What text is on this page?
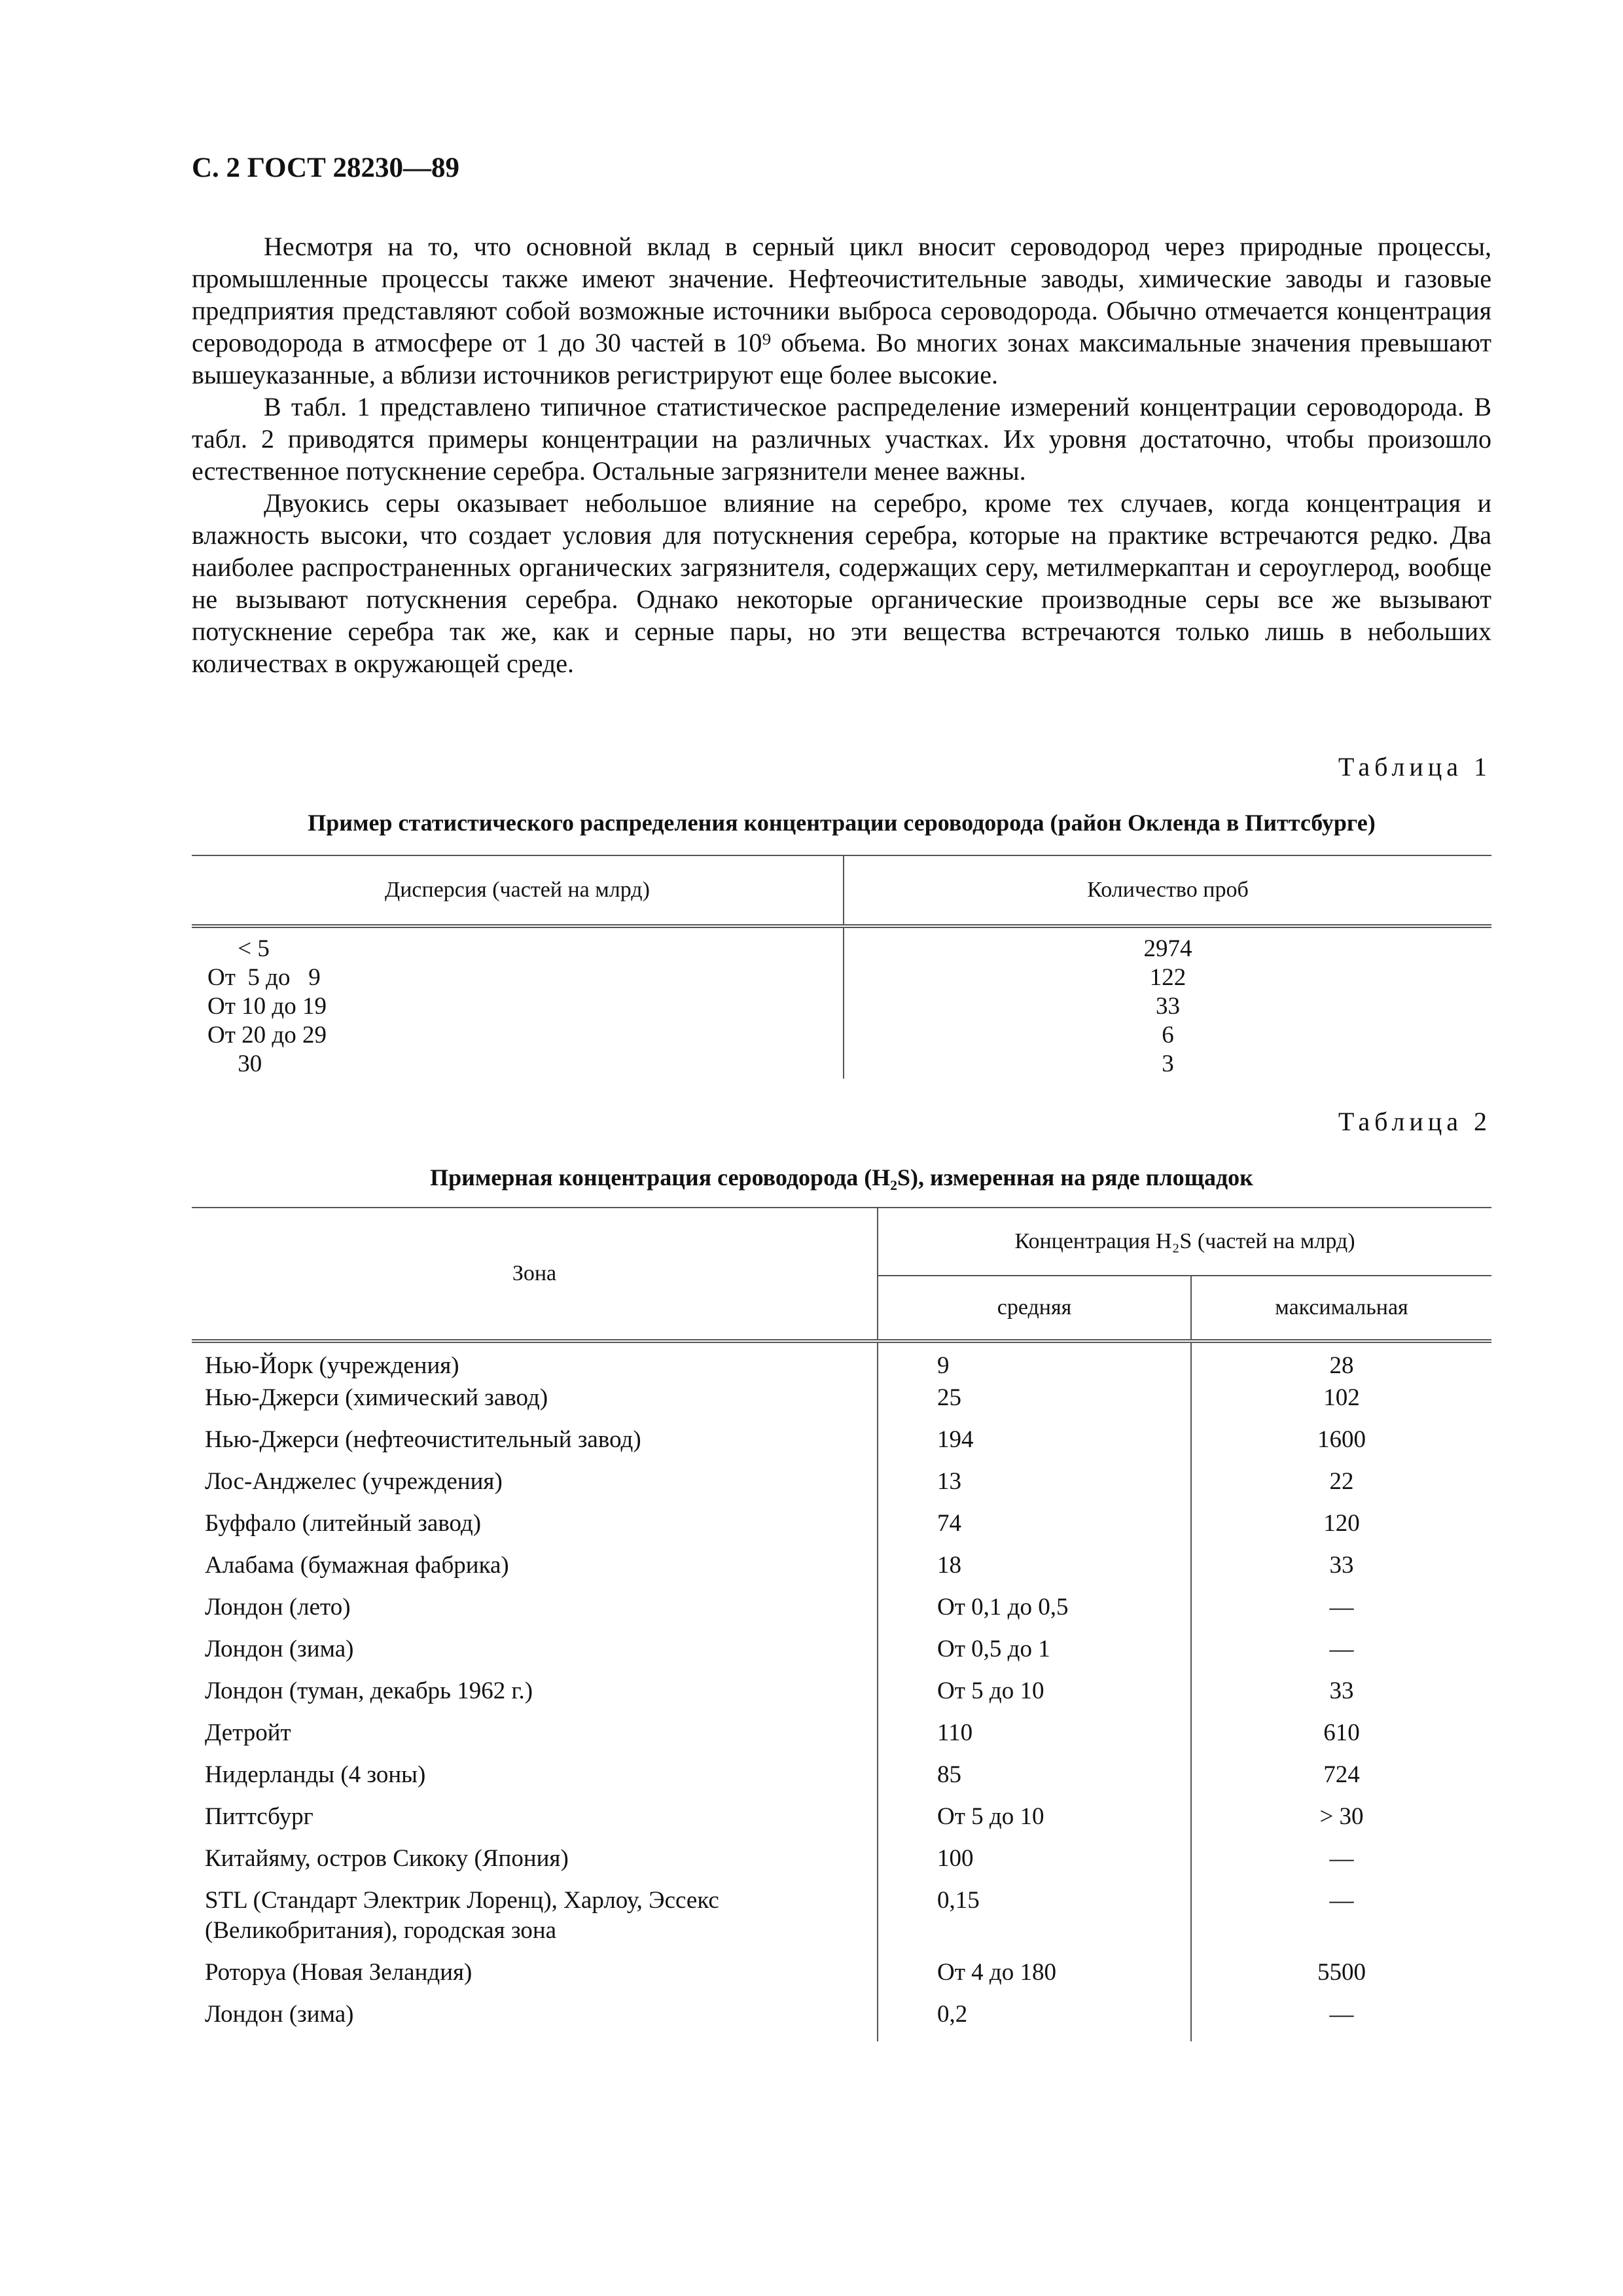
С. 2 ГОСТ 28230—89

Несмотря на то, что основной вклад в серный цикл вносит сероводород через природные процессы, промышленные процессы также имеют значение. Нефтеочистительные заводы, химические заводы и газовые предприятия представляют собой возможные источники выброса сероводорода. Обычно отмечается концентрация сероводорода в атмосфере от 1 до 30 частей в 10⁹ объема. Во многих зонах максимальные значения превышают вышеуказанные, а вблизи источников регистрируют еще более высокие.

В табл. 1 представлено типичное статистическое распределение измерений концентрации сероводорода. В табл. 2 приводятся примеры концентрации на различных участках. Их уровня достаточно, чтобы произошло естественное потускнение серебра. Остальные загрязнители менее важны.

Двуокись серы оказывает небольшое влияние на серебро, кроме тех случаев, когда концентрация и влажность высоки, что создает условия для потускнения серебра, которые на практике встречаются редко. Два наиболее распространенных органических загрязнителя, содержащих серу, метилмеркаптан и сероуглерод, вообще не вызывают потускнения серебра. Однако некоторые органические производные серы все же вызывают потускнение серебра так же, как и серные пары, но эти вещества встречаются только лишь в небольших количествах в окружающей среде.

Таблица 1
Пример статистического распределения концентрации сероводорода (район Окленда в Питтсбурге)
Дисперсия (частей на млрд)	Количество проб
< 5	2974
От  5 до   9	122
От 10 до 19	33
От 20 до 29	6
30	3
Таблица 2
Примерная концентрация сероводорода (H₂S), измеренная на ряде площадок
Зона	Концентрация H₂S (частей на млрд)	
	средняя	максимальная
Нью-Йорк (учреждения)	9	28
Нью-Джерси (химический завод)	25	102
Нью-Джерси (нефтеочистительный завод)	194	1600
Лос-Анджелес (учреждения)	13	22
Буффало (литейный завод)	74	120
Алабама (бумажная фабрика)	18	33
Лондон (лето)	От 0,1 до 0,5	—
Лондон (зима)	От 0,5 до 1	—
Лондон (туман, декабрь 1962 г.)	От 5 до 10	33
Детройт	110	610
Нидерланды (4 зоны)	85	724
Питтсбург	От 5 до 10	> 30
Китайяму, остров Сикоку (Япония)	100	—
STL (Стандарт Электрик Лоренц), Харлоу, Эссекс (Великобритания), городская зона	0,15	—
Роторуа (Новая Зеландия)	От 4 до 180	5500
Лондон (зима)	0,2	—
